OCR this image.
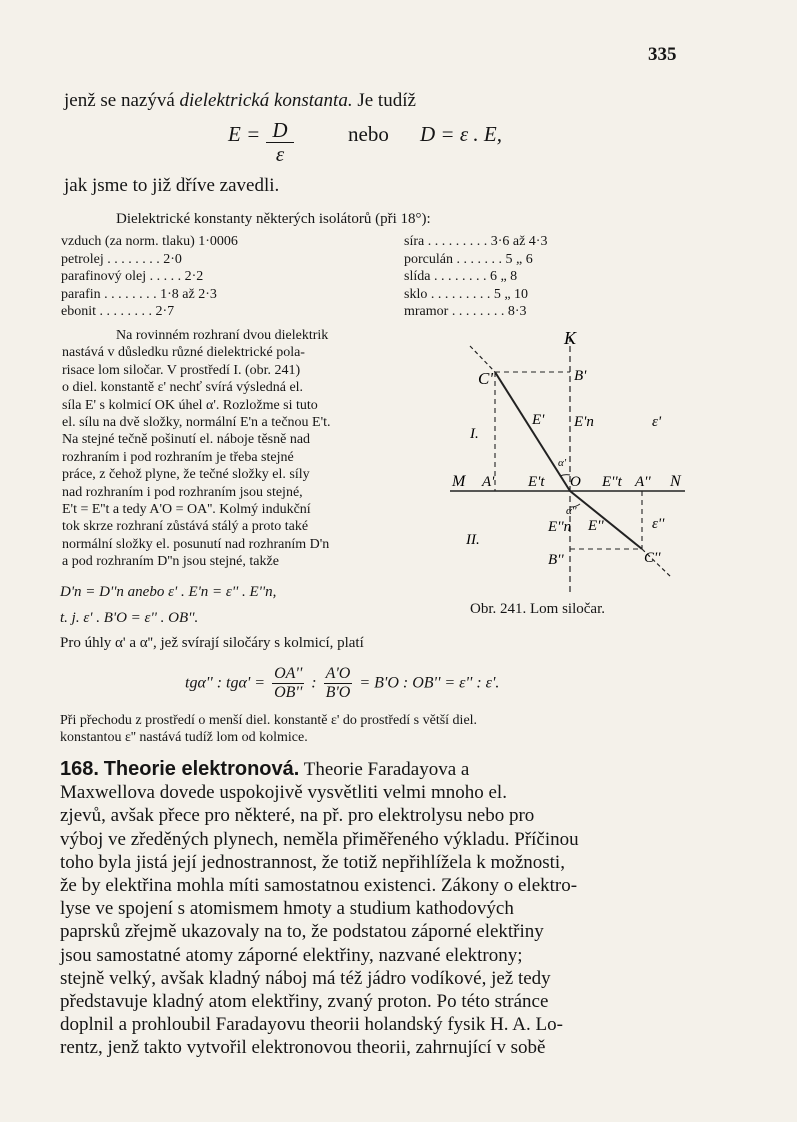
335
jenž se nazývá dielektrická konstanta. Je tudíž
$E = \frac{D}{\varepsilon}$	nebo D = ε . E,
jak jsme to již dříve zavedli.
Dielektrické konstanty některých isolátorů (při 18°):
vzduch (za norm. tlaku) 1·0006
petrolej . . . . . . . . 2·0
parafinový olej . . . . . 2·2
parafin . . . . . . . . 1·8 až 2·3
ebonit . . . . . . . . 2·7
síra . . . . . . . . . 3·6 až 4·3
porculán . . . . . . . 5 „ 6
slída . . . . . . . . 6 „ 8
sklo . . . . . . . . . 5 „ 10
mramor . . . . . . . . 8·3
Na rovinném rozhraní dvou dielektrik
nastává v důsledku různé dielektrické pola-
risace lom siločar. V prostředí I. (obr. 241)
o diel. konstantě ε' nechť svírá výsledná el.
síla E' s kolmicí OK úhel α'. Rozložme si tuto
el. sílu na dvě složky, normální E'n a tečnou E't.
Na stejné tečně pošinutí el. náboje těsně nad
rozhraním i pod rozhraním je třeba stejné
práce, z čehož plyne, že tečné složky el. síly
nad rozhraním i pod rozhraním jsou stejné,
E't = E''t a tedy A'O = OA''. Kolmý indukční
tok skrze rozhraní zůstává stálý a proto také
normální složky el. posunutí nad rozhraním D'n
a pod rozhraním D''n jsou stejné, takže
K
C'	B'
E' E'n	ε'
I.
M A' E't
α'
O E''t A'' N
α''
E''n E''	ε''
II.
B''	C''
D'n = D''n anebo ε' . E'n = ε'' . E''n,
t. j. ε' . B'O = ε'' . OB''.
Obr. 241. Lom siločar.
Pro úhly α' a α'', jež svírají siločáry s kolmicí, platí
tgα'' : $tg\alpha' = \frac{OA''}{OB''}$ : $\frac{A'O}{B'O} = B'O$ : OB'' = ε'' : ε'.
Při přechodu z prostředí o menší diel. konstantě ε' do prostředí s větší diel.
konstantou ε'' nastává tudíž lom od kolmice.
168. Theorie elektronová. Theorie Faradayova a
Maxwellova dovede uspokojivě vysvětliti velmi mnoho el.
zjevů, avšak přece pro některé, na př. pro elektrolysu nebo pro
výboj ve zředěných plynech, neměla přiměřeného výkladu. Příčinou
toho byla jistá její jednostrannost, že totiž nepřihlížela k možnosti,
že by elektřina mohla míti samostatnou existenci. Zákony o elektro-
lyse ve spojení s atomismem hmoty a studium kathodových
paprsků zřejmě ukazovaly na to, že podstatou záporné elektřiny
jsou samostatné atomy záporné elektřiny, nazvané elektrony;
stejně velký, avšak kladný náboj má též jádro vodíkové, jež tedy
představuje kladný atom elektřiny, zvaný proton. Po této stránce
doplnil a prohloubil Faradayovu theorii holandský fysik H. A. Lo-
rentz, jenž takto vytvořil elektronovou theorii, zahrnující v sobě
